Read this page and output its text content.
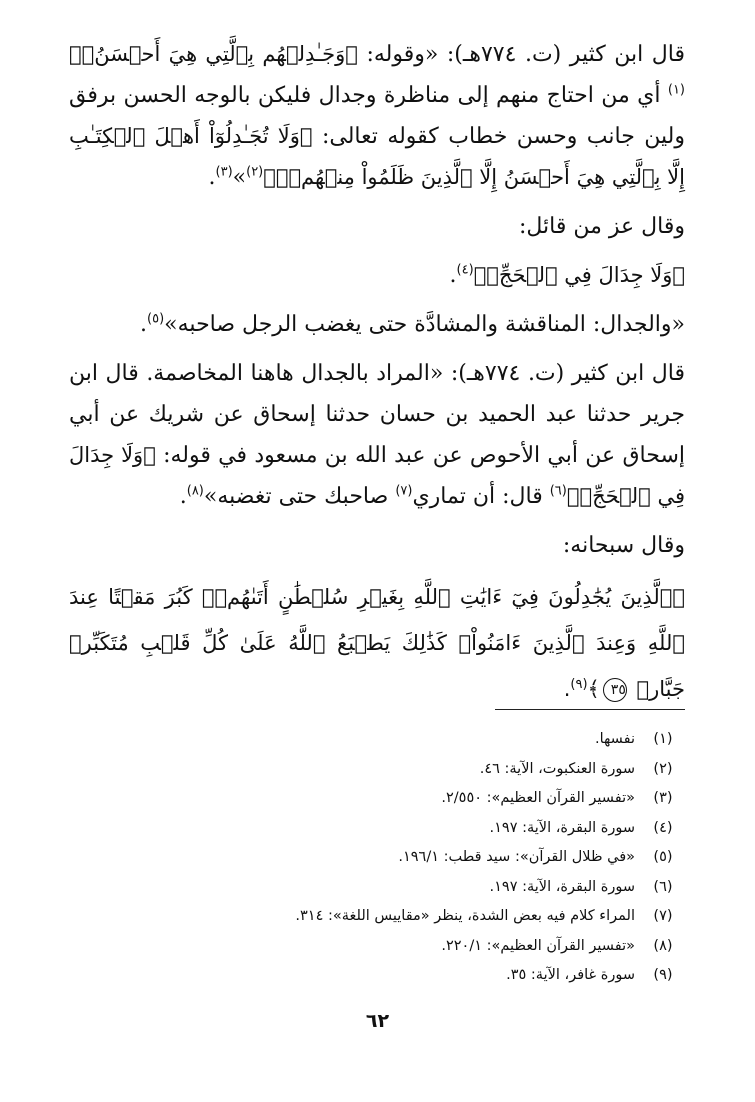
قال ابن كثير (ت. ٧٧٤هـ): «وقوله: ﴿وَجَـٰدِلۡهُم بِٱلَّتِي هِيَ أَحۡسَنُۚ﴾$^{(١)}$ أي من احتاج منهم إلى مناظرة وجدال فليكن بالوجه الحسن برفق ولين جانب وحسن خطاب كقوله تعالى: ﴿وَلَا تُجَـٰدِلُوٓاْ أَهۡلَ ٱلۡكِتَـٰبِ إِلَّا بِٱلَّتِي هِيَ أَحۡسَنُ إِلَّا ٱلَّذِينَ ظَلَمُواْ مِنۡهُمۡۖ﴾$^{(٢)}$»$^{(٣)}$.

وقال عز من قائل:

﴿وَلَا جِدَالَ فِي ٱلۡحَجِّۗ﴾$^{(٤)}$.

«والجدال: المناقشة والمشادَّة حتى يغضب الرجل صاحبه»$^{(٥)}$.

قال ابن كثير (ت. ٧٧٤هـ): «المراد بالجدال هاهنا المخاصمة. قال ابن جرير حدثنا عبد الحميد بن حسان حدثنا إسحاق عن شريك عن أبي إسحاق عن أبي الأحوص عن عبد الله بن مسعود في قوله: ﴿وَلَا جِدَالَ فِي ٱلۡحَجِّۗ﴾$^{(٦)}$ قال: أن تماري$^{(٧)}$ صاحبك حتى تغضبه»$^{(٨)}$.

وقال سبحانه:

﴿ٱلَّذِينَ يُجَٰدِلُونَ فِيٓ ءَايَٰتِ ٱللَّهِ بِغَيۡرِ سُلۡطَٰنٍ أَتَىٰهُمۡۖ كَبُرَ مَقۡتًا عِندَ ٱللَّهِ وَعِندَ ٱلَّذِينَ ءَامَنُواْۚ كَذَٰلِكَ يَطۡبَعُ ٱللَّهُ عَلَىٰ كُلِّ قَلۡبِ مُتَكَبِّرٖ جَبَّارٖ ٣٥﴾$^{(٩)}$.

(١)نفسها.
(٢)سورة العنكبوت، الآية: ٤٦.
(٣)«تفسير القرآن العظيم»: ٢/٥٥٠.
(٤)سورة البقرة، الآية: ١٩٧.
(٥)«في ظلال القرآن»: سيد قطب: ١٩٦/١.
(٦)سورة البقرة، الآية: ١٩٧.
(٧)المراء كلام فيه بعض الشدة، ينظر «مقاييس اللغة»: ٣١٤.
(٨)«تفسير القرآن العظيم»: ٢٢٠/١.
(٩)سورة غافر، الآية: ٣٥.
٦٢
